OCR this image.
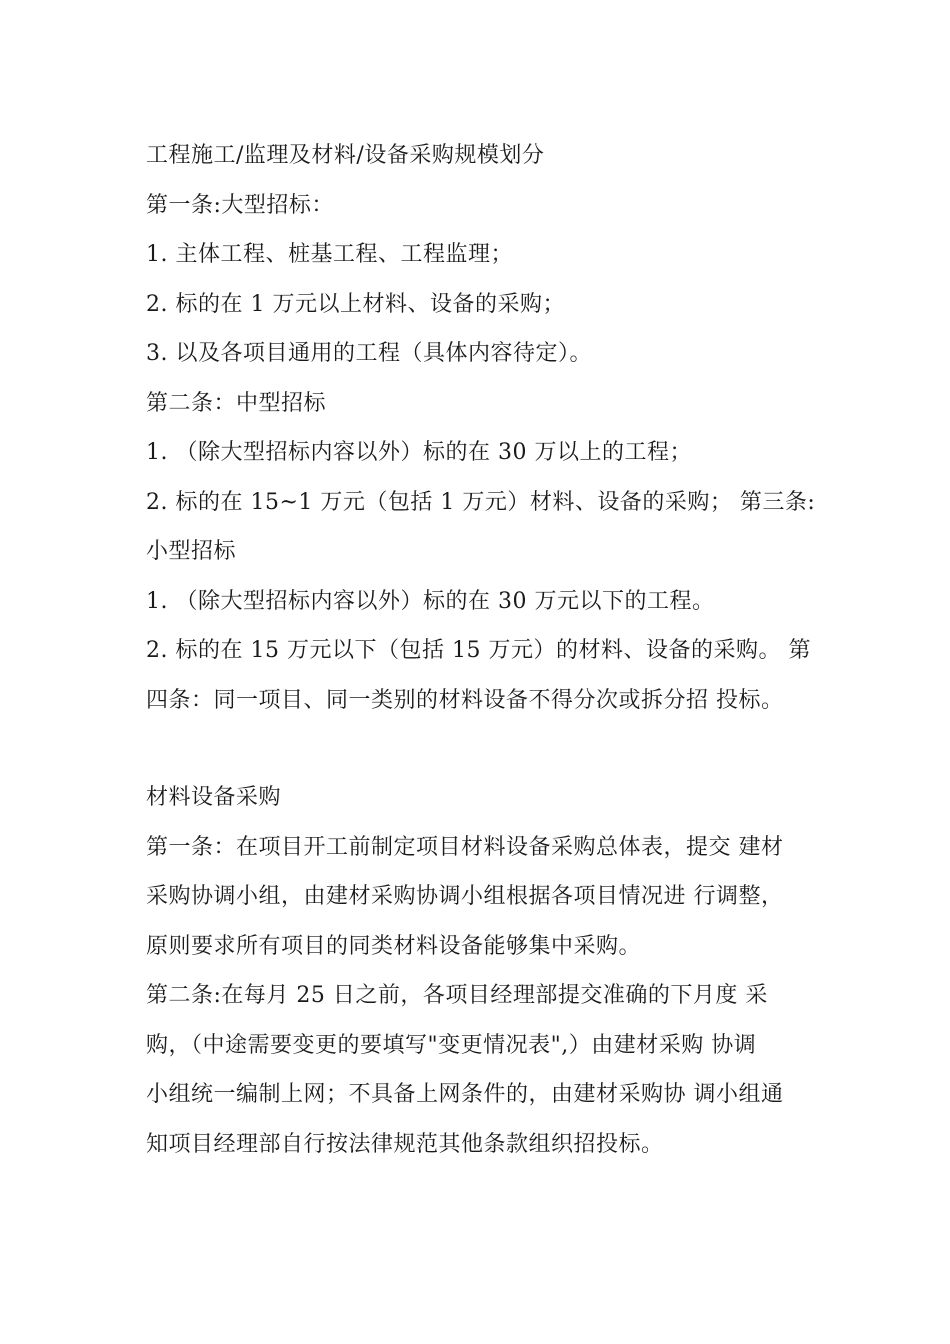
工程施工/监理及材料/设备采购规模划分
第一条:大型招标：
1. 主体工程、桩基工程、工程监理；
2. 标的在 1 万元以上材料、设备的采购；
3. 以及各项目通用的工程（具体内容待定）。
第二条：中型招标
1. （除大型招标内容以外）标的在 30 万以上的工程；
2. 标的在 15~1 万元（包括 1 万元）材料、设备的采购； 第三条:
小型招标
1. （除大型招标内容以外）标的在 30 万元以下的工程。
2. 标的在 15 万元以下（包括 15 万元）的材料、设备的采购。 第
四条：同一项目、同一类别的材料设备不得分次或拆分招 投标。
材料设备采购
第一条：在项目开工前制定项目材料设备采购总体表，提交 建材
采购协调小组，由建材采购协调小组根据各项目情况进 行调整，
原则要求所有项目的同类材料设备能够集中采购。
第二条:在每月 25 日之前，各项目经理部提交准确的下月度 采
购，（中途需要变更的要填写"变更情况表",）由建材采购 协调
小组统一编制上网；不具备上网条件的，由建材采购协 调小组通
知项目经理部自行按法律规范其他条款组织招投标。
